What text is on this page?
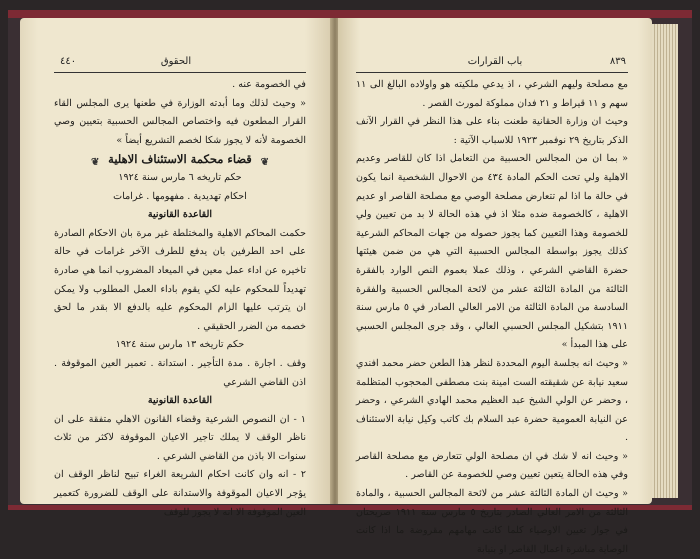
٤٤٠	الحقوق

في الخصومة عنه .

« وحيث لذلك وما أبدته الوزارة في طعنها يرى المجلس القاء القرار المطعون فيه واختصاص المجالس الحسبية بتعيين وصي الخصومة لأنه لا يجوز شكا لخصم التشريع أيضاً »

❦ قضاء محكمة الاستئناف الاهلية ❦

حكم تاريخه ٦ مارس سنة ١٩٢٤

احكام تهديدية . مفهومها . غرامات

القاعدة القانونية

حكمت المحاكم الاهلية والمختلطة غير مرة بان الاحكام الصادرة على احد الطرفين بان يدفع للطرف الآخر غرامات في حالة تاخيره عن اداء عمل معين في الميعاد المضروب انما هي صادرة تهديداً للمحكوم عليه لكي يقوم باداء العمل المطلوب ولا يمكن ان يترتب عليها الزام المحكوم عليه بالدفع الا بقدر ما لحق خصمه من الضرر الحقيقي .

حكم تاريخه ١٣ مارس سنة ١٩٢٤

وقف . اجارة . مدة التأجير . استدانة . تعمير العين الموقوفة . اذن القاضي الشرعي

القاعدة القانونية

١ - ان النصوص الشرعية وقضاء القانون الاهلي متفقة على ان ناظر الوقف لا يملك تاجير الاعيان الموقوفة لاكثر من ثلاث سنوات الا باذن من القاضي الشرعي .

٢ - انه وان كانت احكام الشريعة الغراء تبيح لناظر الوقف ان يؤجر الاعيان الموقوفة والاستدانة على الوقف للضرورة كتعمير العين الموقوفة الا انه لا يجوز للوقف

٨٣٩
باب القرارات

مع مصلحة وليهم الشرعي ، اذ يدعي ملكيته هو واولاده البالغ الى ١١ سهم و ١١ قيراط و ٢١ فدان مملوكة لمورث القصر .

وحيث ان وزارة الحقانية طعنت بناء على هذا النظر في القرار الآنف الذكر بتاريخ ٢٩ نوفمبر ١٩٢٣ للاسباب الآتية :

« بما ان من المجالس الحسبية من التعامل اذا كان للقاصر وعديم الاهلية ولي تحت الحكم المادة ٤٣٤ من الاحوال الشخصية انما يكون في حالة ما اذا لم تتعارض مصلحة الوصي مع مصلحة القاصر او عديم الاهلية ، كالخصومة ضده مثلا اذ في هذه الحالة لا بد من تعيين ولي للخصومة وهذا التعيين كما يجوز حصوله من جهات المحاكم الشرعية كذلك يجوز بواسطة المجالس الحسبية التي هي من ضمن هيئتها حضرة القاضي الشرعي ، وذلك عملا بعموم النص الوارد بالفقرة الثالثة من المادة الثالثة عشر من لائحة المجالس الحسبية والفقرة السادسة من المادة الثالثة من الامر العالي الصادر في ٥ مارس سنة ١٩١١ بتشكيل المجلس الحسبي العالي ، وقد جرى المجلس الحسبي على هذا المبدأ »

« وحيث انه بجلسة اليوم المحددة لنظر هذا الطعن حضر محمد افندي سعيد نيابة عن شقيقته الست امينة بنت مصطفى المحجوب المتظلمة ، وحضر عن الولي الشيخ عبد العظيم محمد الهادي الشرعي ، وحضر عن النيابة العمومية حضرة عبد السلام بك كاتب وكيل نيابة الاستئناف .

« وحيث انه لا شك في ان مصلحة الولي تتعارض مع مصلحة القاصر وفي هذه الحالة يتعين تعيين وصي للخصومة عن القاصر .

« وحيث ان المادة الثالثة عشر من لائحة المجالس الحسبية ، والمادة الثالثة من الامر العالي الصادر بتاريخ ٥ مارس سنة ١٩١١ صريحتان في جواز تعيين الاوصياء كلما كانت مهامهم مقروضة ما اذا كانت الوصاية مباشرة اعمال القاصر او بنيابة
